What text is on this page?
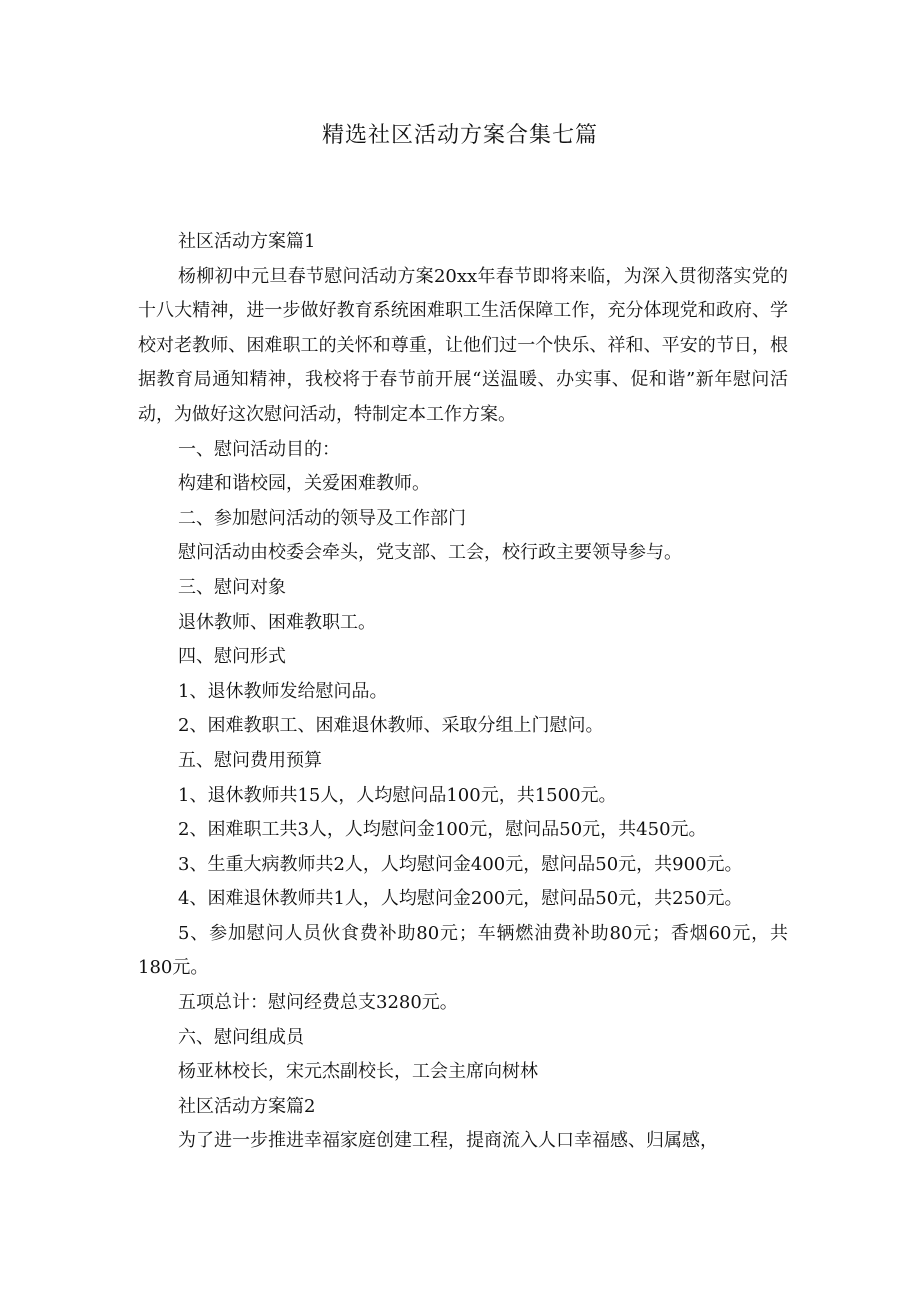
精选社区活动方案合集七篇

社区活动方案篇1

杨柳初中元旦春节慰问活动方案20xx年春节即将来临，为深入贯彻落实党的十八大精神，进一步做好教育系统困难职工生活保障工作，充分体现党和政府、学校对老教师、困难职工的关怀和尊重，让他们过一个快乐、祥和、平安的节日，根据教育局通知精神，我校将于春节前开展“送温暖、办实事、促和谐”新年慰问活动，为做好这次慰问活动，特制定本工作方案。

一、慰问活动目的：

构建和谐校园，关爱困难教师。

二、参加慰问活动的领导及工作部门

慰问活动由校委会牵头，党支部、工会，校行政主要领导参与。

三、慰问对象

退休教师、困难教职工。

四、慰问形式

1、退休教师发给慰问品。

2、困难教职工、困难退休教师、采取分组上门慰问。

五、慰问费用预算

1、退休教师共15人，人均慰问品100元，共1500元。

2、困难职工共3人，人均慰问金100元，慰问品50元，共450元。

3、生重大病教师共2人，人均慰问金400元，慰问品50元，共900元。

4、困难退休教师共1人，人均慰问金200元，慰问品50元，共250元。

5、参加慰问人员伙食费补助80元；车辆燃油费补助80元；香烟60元，共180元。

五项总计：慰问经费总支3280元。

六、慰问组成员

杨亚林校长，宋元杰副校长，工会主席向树林

社区活动方案篇2

为了进一步推进幸福家庭创建工程，提商流入人口幸福感、归属感，
